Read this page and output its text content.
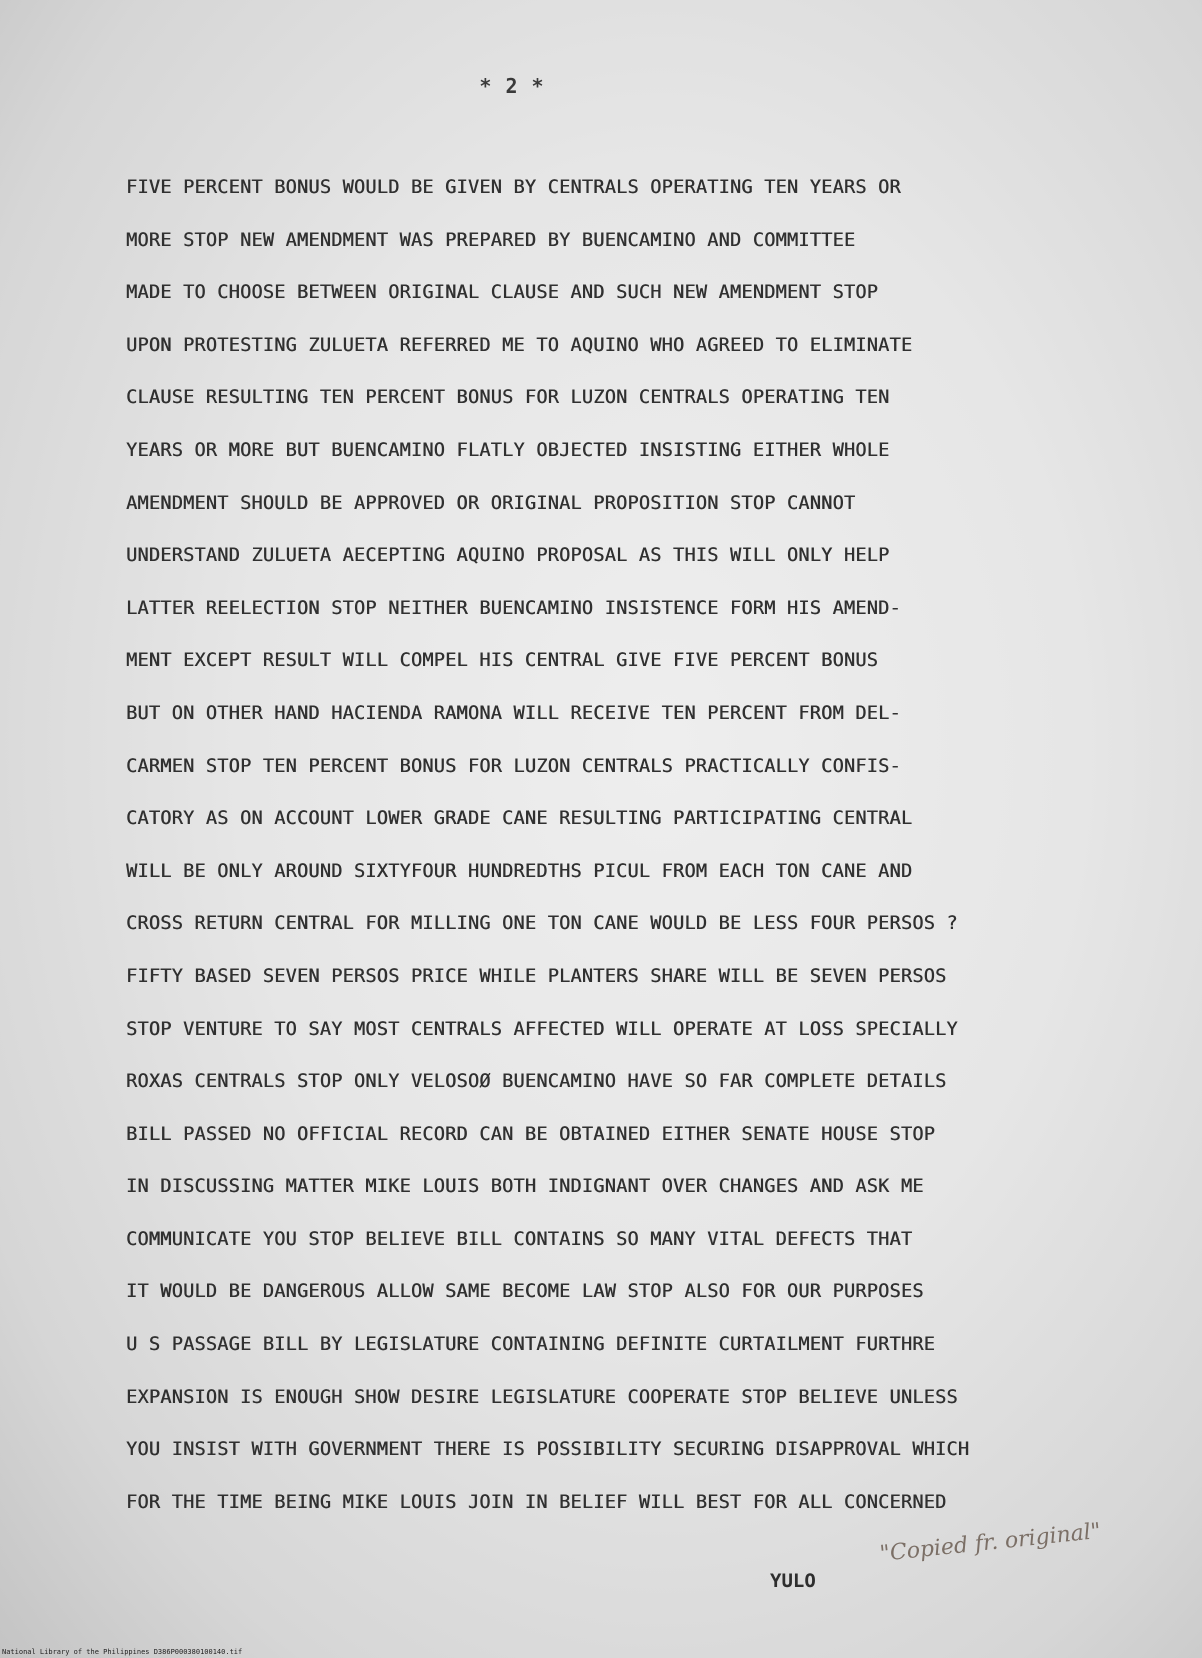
* 2 *
FIVE PERCENT BONUS WOULD BE GIVEN BY CENTRALS OPERATING TEN YEARS OR
MORE STOP NEW AMENDMENT WAS PREPARED BY BUENCAMINO AND COMMITTEE
MADE TO CHOOSE BETWEEN ORIGINAL CLAUSE AND SUCH NEW AMENDMENT STOP
UPON PROTESTING ZULUETA REFERRED ME TO AQUINO WHO AGREED TO ELIMINATE
CLAUSE RESULTING TEN PERCENT BONUS FOR LUZON CENTRALS OPERATING TEN
YEARS OR MORE BUT BUENCAMINO FLATLY OBJECTED INSISTING EITHER WHOLE
AMENDMENT SHOULD BE APPROVED OR ORIGINAL PROPOSITION STOP CANNOT
UNDERSTAND ZULUETA AECEPTING AQUINO PROPOSAL AS THIS WILL ONLY HELP
LATTER REELECTION STOP NEITHER BUENCAMINO INSISTENCE FORM HIS AMEND-
MENT EXCEPT RESULT WILL COMPEL HIS CENTRAL GIVE FIVE PERCENT BONUS
BUT ON OTHER HAND HACIENDA RAMONA WILL RECEIVE TEN PERCENT FROM DEL-
CARMEN STOP TEN PERCENT BONUS FOR LUZON CENTRALS PRACTICALLY CONFIS-
CATORY AS ON ACCOUNT LOWER GRADE CANE RESULTING PARTICIPATING CENTRAL
WILL BE ONLY AROUND SIXTYFOUR HUNDREDTHS PICUL FROM EACH TON CANE AND
CROSS RETURN CENTRAL FOR MILLING ONE TON CANE WOULD BE LESS FOUR PERSOS ?
FIFTY BASED SEVEN PERSOS PRICE WHILE PLANTERS SHARE WILL BE SEVEN PERSOS
STOP VENTURE TO SAY MOST CENTRALS AFFECTED WILL OPERATE AT LOSS SPECIALLY
ROXAS CENTRALS STOP ONLY VELOSOØ BUENCAMINO HAVE SO FAR COMPLETE DETAILS
BILL PASSED NO OFFICIAL RECORD CAN BE OBTAINED EITHER SENATE HOUSE STOP
IN DISCUSSING MATTER MIKE LOUIS BOTH INDIGNANT OVER CHANGES AND ASK ME
COMMUNICATE YOU STOP BELIEVE BILL CONTAINS SO MANY VITAL DEFECTS THAT
IT WOULD BE DANGEROUS ALLOW SAME BECOME LAW STOP ALSO FOR OUR PURPOSES
U S PASSAGE BILL BY LEGISLATURE CONTAINING DEFINITE CURTAILMENT FURTHRE
EXPANSION IS ENOUGH SHOW DESIRE LEGISLATURE COOPERATE STOP BELIEVE UNLESS
YOU INSIST WITH GOVERNMENT THERE IS POSSIBILITY SECURING DISAPPROVAL WHICH
FOR THE TIME BEING MIKE LOUIS JOIN IN BELIEF WILL BEST FOR ALL CONCERNED
YULO
"Copied fr. original"
National Library of the Philippines D386P000380100140.tif
